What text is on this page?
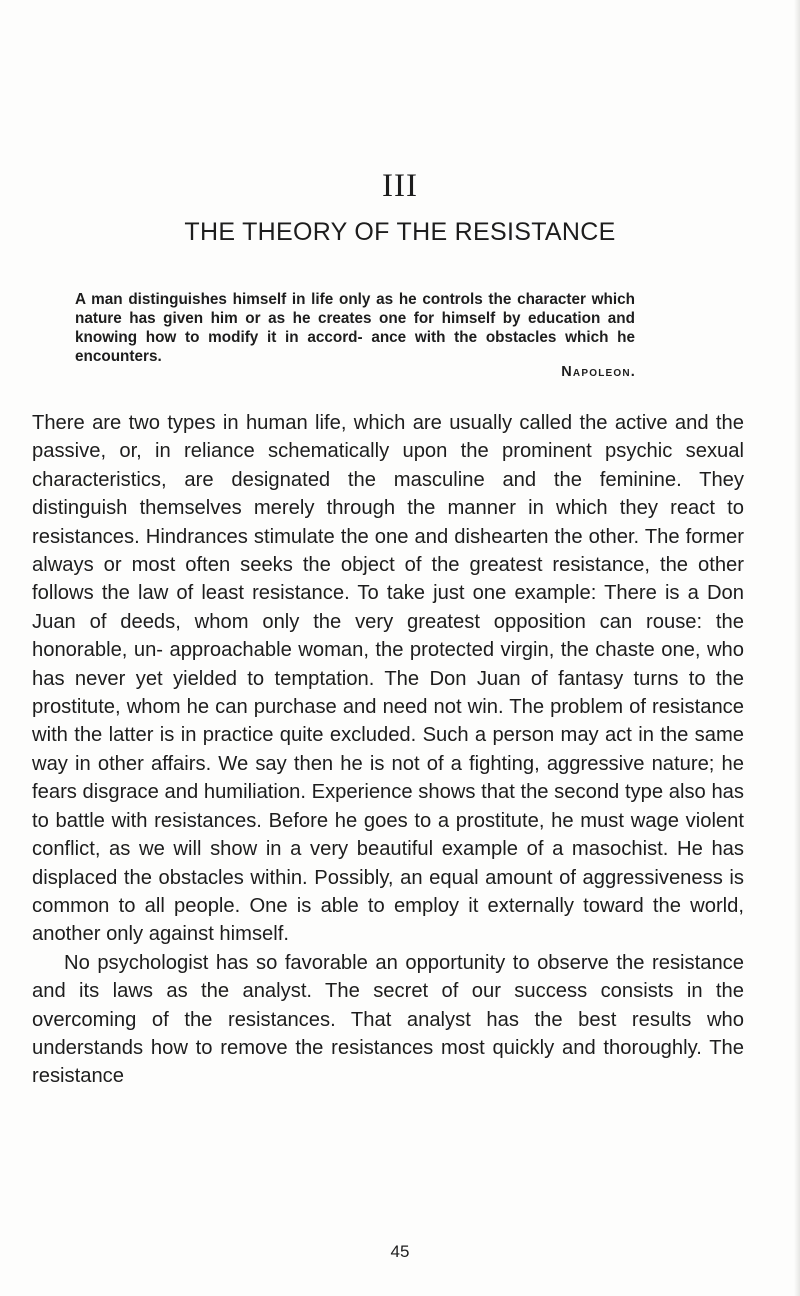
III
THE THEORY OF THE RESISTANCE
A man distinguishes himself in life only as he controls the character which nature has given him or as he creates one for himself by education and knowing how to modify it in accord- ance with the obstacles which he encounters.
Napoleon.

There are two types in human life, which are usually called the active and the passive, or, in reliance schematically upon the prominent psychic sexual characteristics, are designated the masculine and the feminine. They distinguish themselves merely through the manner in which they react to resistances. Hindrances stimulate the one and dishearten the other. The former always or most often seeks the object of the greatest resistance, the other follows the law of least resistance. To take just one example: There is a Don Juan of deeds, whom only the very greatest opposition can rouse: the honorable, un- approachable woman, the protected virgin, the chaste one, who has never yet yielded to temptation. The Don Juan of fantasy turns to the prostitute, whom he can purchase and need not win. The problem of resistance with the latter is in practice quite excluded. Such a person may act in the same way in other affairs. We say then he is not of a fighting, aggressive nature; he fears disgrace and humiliation. Experience shows that the second type also has to battle with resistances. Before he goes to a prostitute, he must wage violent conflict, as we will show in a very beautiful example of a masochist. He has displaced the obstacles within. Possibly, an equal amount of aggressiveness is common to all people. One is able to employ it externally toward the world, another only against himself.

No psychologist has so favorable an opportunity to observe the resistance and its laws as the analyst. The secret of our success consists in the overcoming of the resistances. That analyst has the best results who understands how to remove the resistances most quickly and thoroughly. The resistance

45
